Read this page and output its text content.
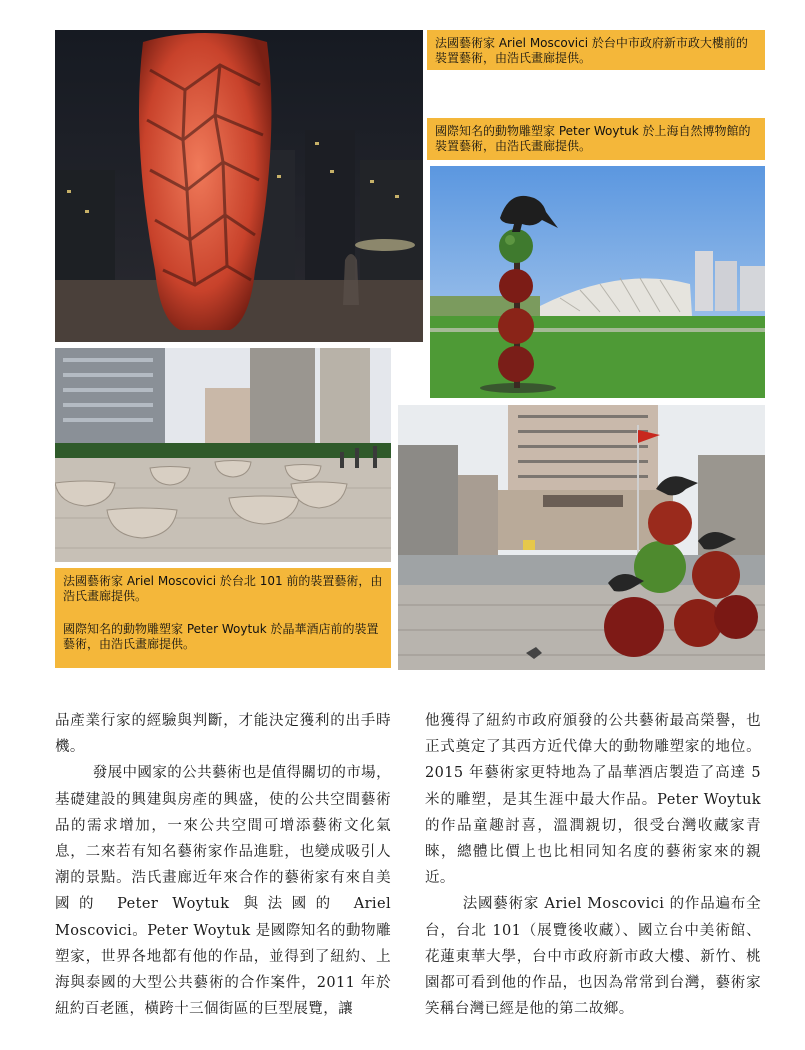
法國藝術家 Ariel Moscovici 於台中市政府新市政大樓前的裝置藝術，由浩氏畫廊提供。

國際知名的動物雕塑家 Peter Woytuk 於上海自然博物館的裝置藝術，由浩氏畫廊提供。

法國藝術家 Ariel Moscovici 於台北 101 前的裝置藝術，由浩氏畫廊提供。

國際知名的動物雕塑家 Peter Woytuk 於晶華酒店前的裝置藝術，由浩氏畫廊提供。

品產業行家的經驗與判斷，才能決定獲利的出手時機。

發展中國家的公共藝術也是值得關切的市場，基礎建設的興建與房產的興盛，使的公共空間藝術品的需求增加，一來公共空間可增添藝術文化氣息，二來若有知名藝術家作品進駐，也變成吸引人潮的景點。浩氏畫廊近年來合作的藝術家有來自美國的 Peter Woytuk 與法國的 Ariel Moscovici。Peter Woytuk 是國際知名的動物雕塑家，世界各地都有他的作品，並得到了紐約、上海與泰國的大型公共藝術的合作案件，2011 年於紐約百老匯，橫跨十三個街區的巨型展覽，讓

他獲得了紐約市政府頒發的公共藝術最高榮譽，也正式奠定了其西方近代偉大的動物雕塑家的地位。2015 年藝術家更特地為了晶華酒店製造了高達 5 米的雕塑，是其生涯中最大作品。Peter Woytuk 的作品童趣討喜，溫潤親切，很受台灣收藏家青睞，總體比價上也比相同知名度的藝術家來的親近。

法國藝術家 Ariel Moscovici 的作品遍布全台，台北 101（展覽後收藏）、國立台中美術館、花蓮東華大學，台中市政府新市政大樓、新竹、桃園都可看到他的作品，也因為常常到台灣，藝術家笑稱台灣已經是他的第二故鄉。
